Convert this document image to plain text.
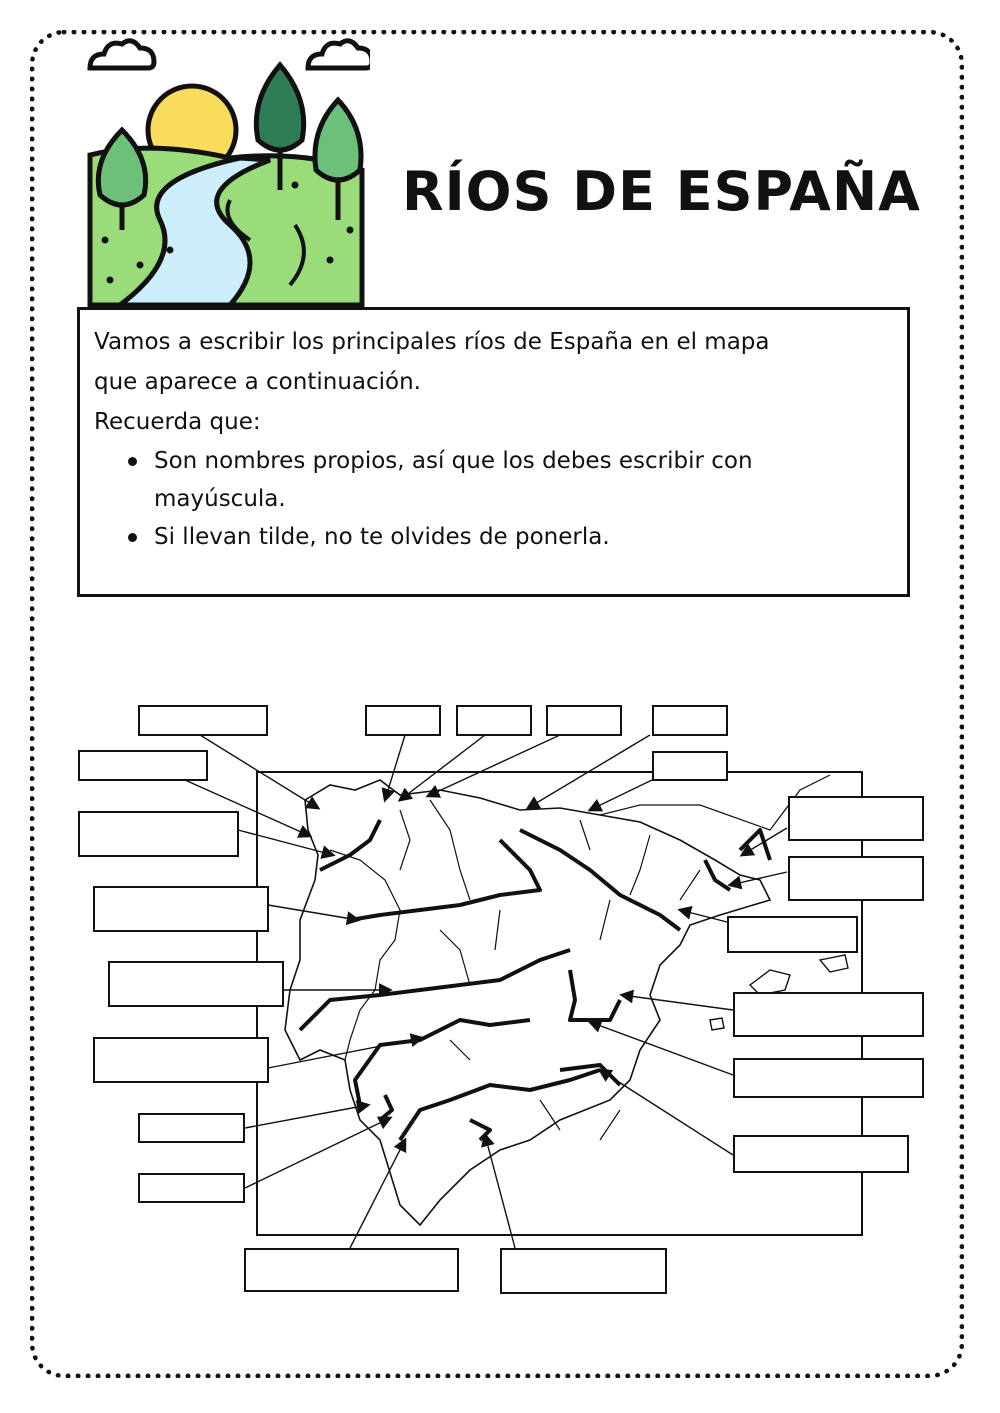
RÍOS DE ESPAÑA

Vamos a escribir los principales ríos de España en el mapa

que aparece a continuación.

Recuerda que:

Son nombres propios, así que los debes escribir con
mayúscula.
Si llevan tilde, no te olvides de ponerla.
